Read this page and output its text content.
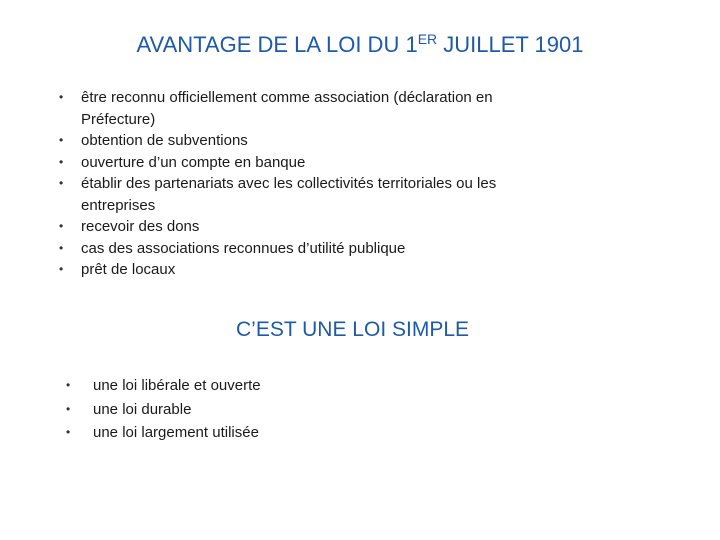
AVANTAGE DE LA LOI DU 1ER JUILLET 1901
• être reconnu officiellement comme association (déclaration en Préfecture)
• obtention de subventions
• ouverture d’un compte en banque
• établir des partenariats avec les collectivités territoriales ou les entreprises
• recevoir des dons
• cas des associations reconnues d’utilité publique
• prêt de locaux
C’EST UNE LOI SIMPLE
• une loi libérale et ouverte
• une loi durable
• une loi largement utilisée
